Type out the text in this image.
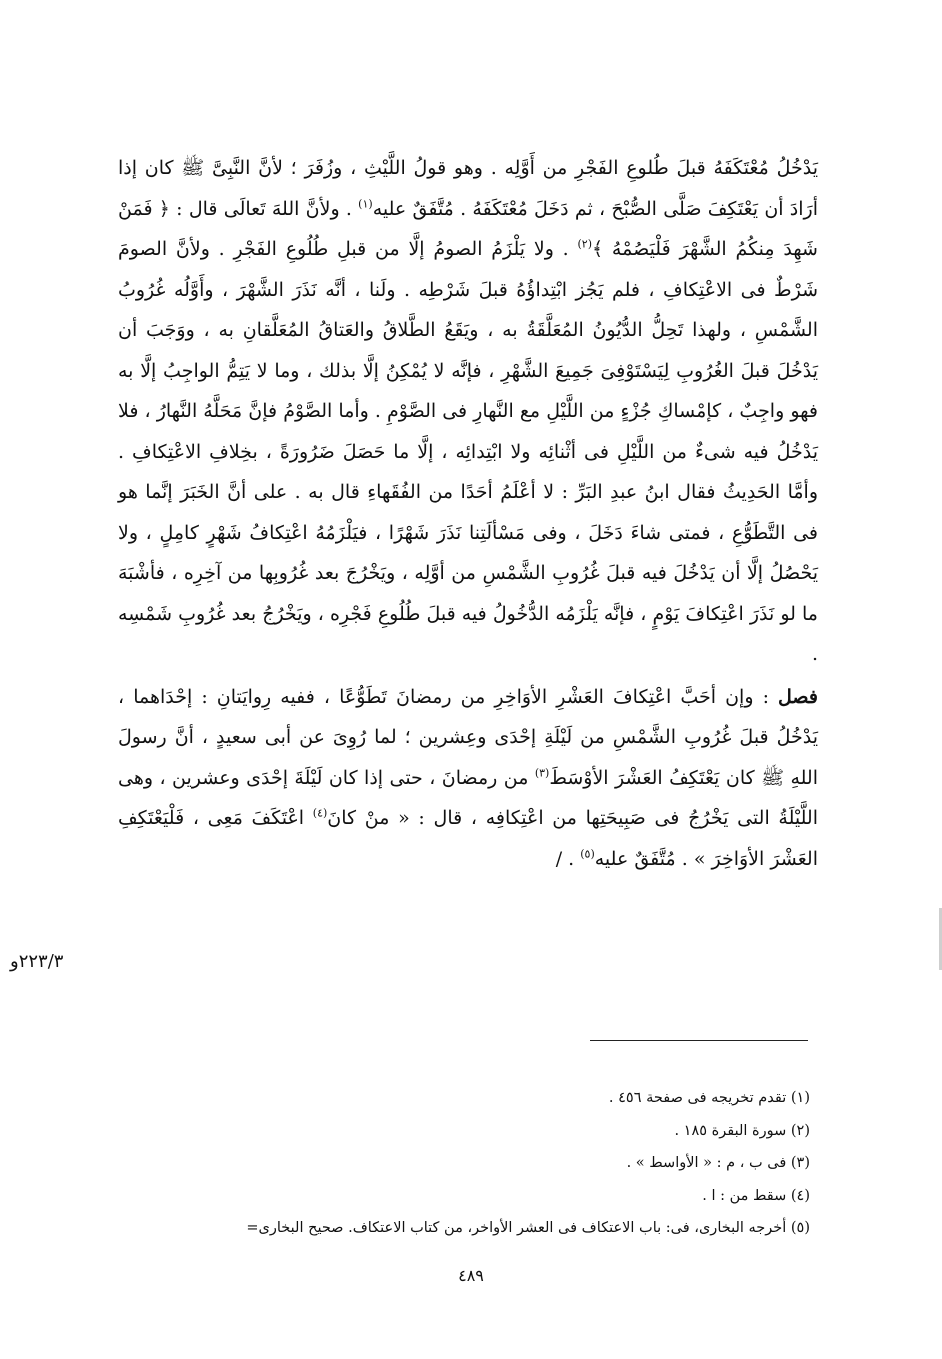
يَدْخُلُ مُعْتَكَفَهُ قبلَ طُلوعِ الفَجْرِ من أَوَّلِه . وهو قولُ اللَّيْثِ ، وزُفَرَ ؛ لأنَّ النَّبِىَّ ﷺ كان إذا أرَادَ أن يَعْتَكِفَ صَلَّى الصُّبْحَ ، ثم دَخَلَ مُعْتَكَفَهُ . مُتَّفَقٌ عليه$^{(١)}$ . ولأنَّ اللهَ تَعالَى قال : ﴿ فَمَنْ شَهِدَ مِنكُمُ الشَّهْرَ فَلْيَصُمْهُ ﴾$^{(٢)}$ . ولا يَلْزَمُ الصومُ إلَّا من قبلِ طُلُوعِ الفَجْرِ . ولأنَّ الصومَ شَرْطٌ فى الاعْتِكافِ ، فلم يَجُز ابْتِداؤُهُ قبلَ شَرْطِه . ولَنا ، أنَّه نَذَرَ الشَّهْرَ ، وأَوَّلُه غُرُوبُ الشَّمْسِ ، ولهذا تَحِلُّ الدُّيُونُ المُعَلَّقَةُ به ، ويَقَعُ الطَّلاقُ والعَتاقُ المُعَلَّقانِ به ، ووَجَبَ أن يَدْخُلَ قبلَ الغُرُوبِ لِيَسْتَوْفِىَ جَمِيعَ الشَّهْرِ ، فإنَّه لا يُمْكِنُ إلَّا بذلك ، وما لا يَتِمُّ الواجِبُ إلَّا به فهو واجِبٌ ، كإمْساكِ جُزْءٍ من اللَّيْلِ مع النَّهارِ فى الصَّوْمِ . وأما الصَّوْمُ فإنَّ مَحَلَّهُ النَّهارُ ، فلا يَدْخُلُ فيه شىءٌ من اللَّيْلِ فى أثْنائِه ولا ابْتِدائِه ، إلَّا ما حَصَلَ ضَرُورَةً ، بخِلافِ الاعْتِكافِ . وأمَّا الحَدِيثُ فقال ابنُ عبدِ البَرِّ : لا أعْلَمُ أحَدًا من الفُقَهاءِ قال به . على أنَّ الخَبَرَ إنَّما هو فى التَّطَوُّعِ ، فمتى شاءَ دَخَلَ ، وفى مَسْألَتِنا نَذَرَ شَهْرًا ، فيَلْزَمُهُ اعْتِكافُ شَهْرٍ كامِلٍ ، ولا يَحْصُلُ إلَّا أن يَدْخُلَ فيه قبلَ غُرُوبِ الشَّمْسِ من أوَّلِه ، ويَخْرُجَ بعد غُرُوبِها من آخِرِه ، فأشْبَهَ ما لو نَذَرَ اعْتِكافَ يَوْمٍ ، فإنَّه يَلْزَمُه الدُّخُولُ فيه قبلَ طُلُوعِ فَجْرِه ، ويَخْرُجُ بعد غُرُوبِ شَمْسِه .

فصل : وإن أحَبَّ اعْتِكافَ العَشْرِ الأوَاخِرِ من رمضانَ تَطَوُّعًا ، ففيه رِوايَتانِ : إحْدَاهما ، يَدْخُلُ قبلَ غُرُوبِ الشَّمْسِ من لَيْلَةِ إحْدَى وعِشرين ؛ لما رُوِىَ عن أبى سعيدٍ ، أنَّ رسولَ اللهِ ﷺ كان يَعْتَكِفُ العَشْرَ الأوْسَطَ$^{(٣)}$ من رمضانَ ، حتى إذا كان لَيْلَةَ إحْدَى وعشرين ، وهى اللَّيْلَةُ التى يَخْرُجُ فى صَبِيحَتِها من اعْتِكافِه ، قال : « منْ كانَ$^{(٤)}$ اعْتَكَفَ مَعِى ، فَلْيَعْتَكِفِ العَشْرَ الأوَاخِرَ » . مُتَّفَقٌ عليه$^{(٥)}$ . /

٢٢٣/٣و
(١) تقدم تخريجه فى صفحة ٤٥٦ .
(٢) سورة البقرة ١٨٥ .
(٣) فى ب ، م : « الأواسط » .
(٤) سقط من : ا .
(٥) أخرجه البخارى، فى: باب الاعتكاف فى العشر الأواخر، من كتاب الاعتكاف. صحيح البخارى=
٤٨٩
